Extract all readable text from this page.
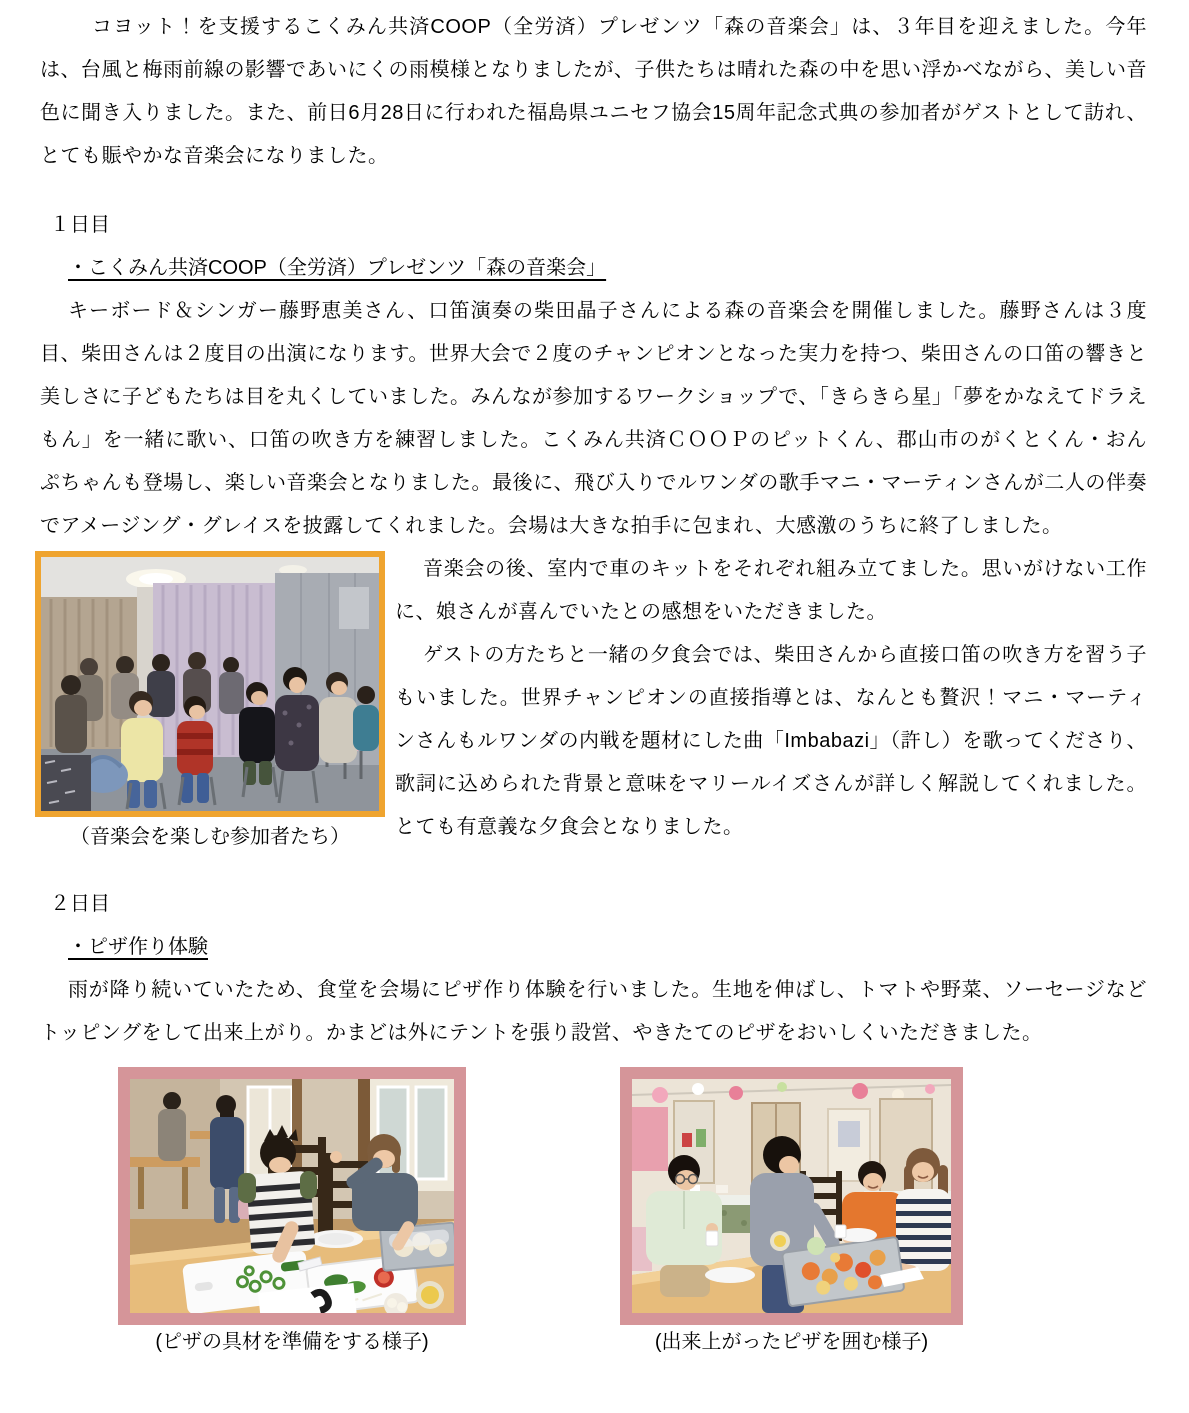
コヨット！を支援するこくみん共済COOP（全労済）プレゼンツ「森の音楽会」は、３年目を迎えました。今年は、台風と梅雨前線の影響であいにくの雨模様となりましたが、子供たちは晴れた森の中を思い浮かべながら、美しい音色に聞き入りました。また、前日6月28日に行われた福島県ユニセフ協会15周年記念式典の参加者がゲストとして訪れ、とても賑やかな音楽会になりました。

１日目
・こくみん共済COOP（全労済）プレゼンツ「森の音楽会」

キーボード＆シンガー藤野恵美さん、口笛演奏の柴田晶子さんによる森の音楽会を開催しました。藤野さんは３度目、柴田さんは２度目の出演になります。世界大会で２度のチャンピオンとなった実力を持つ、柴田さんの口笛の響きと美しさに子どもたちは目を丸くしていました。みんなが参加するワークショップで、「きらきら星」「夢をかなえてドラえもん」を一緒に歌い、口笛の吹き方を練習しました。こくみん共済ＣＯＯＰのピットくん、郡山市のがくとくん・おんぷちゃんも登場し、楽しい音楽会となりました。最後に、飛び入りでルワンダの歌手マニ・マーティンさんが二人の伴奏でアメージング・グレイスを披露してくれました。会場は大きな拍手に包まれ、大感激のうちに終了しました。

（音楽会を楽しむ参加者たち）

音楽会の後、室内で車のキットをそれぞれ組み立てました。思いがけない工作に、娘さんが喜んでいたとの感想をいただきました。

ゲストの方たちと一緒の夕食会では、柴田さんから直接口笛の吹き方を習う子もいました。世界チャンピオンの直接指導とは、なんとも贅沢！マニ・マーティンさんもルワンダの内戦を題材にした曲「Imbabazi」（許し）を歌ってくださり、歌詞に込められた背景と意味をマリールイズさんが詳しく解説してくれました。とても有意義な夕食会となりました。

２日目
・ピザ作り体験

雨が降り続いていたため、食堂を会場にピザ作り体験を行いました。生地を伸ばし、トマトや野菜、ソーセージなどトッピングをして出来上がり。かまどは外にテントを張り設営、やきたてのピザをおいしくいただきました。

(ピザの具材を準備をする様子)	(出来上がったピザを囲む様子)
